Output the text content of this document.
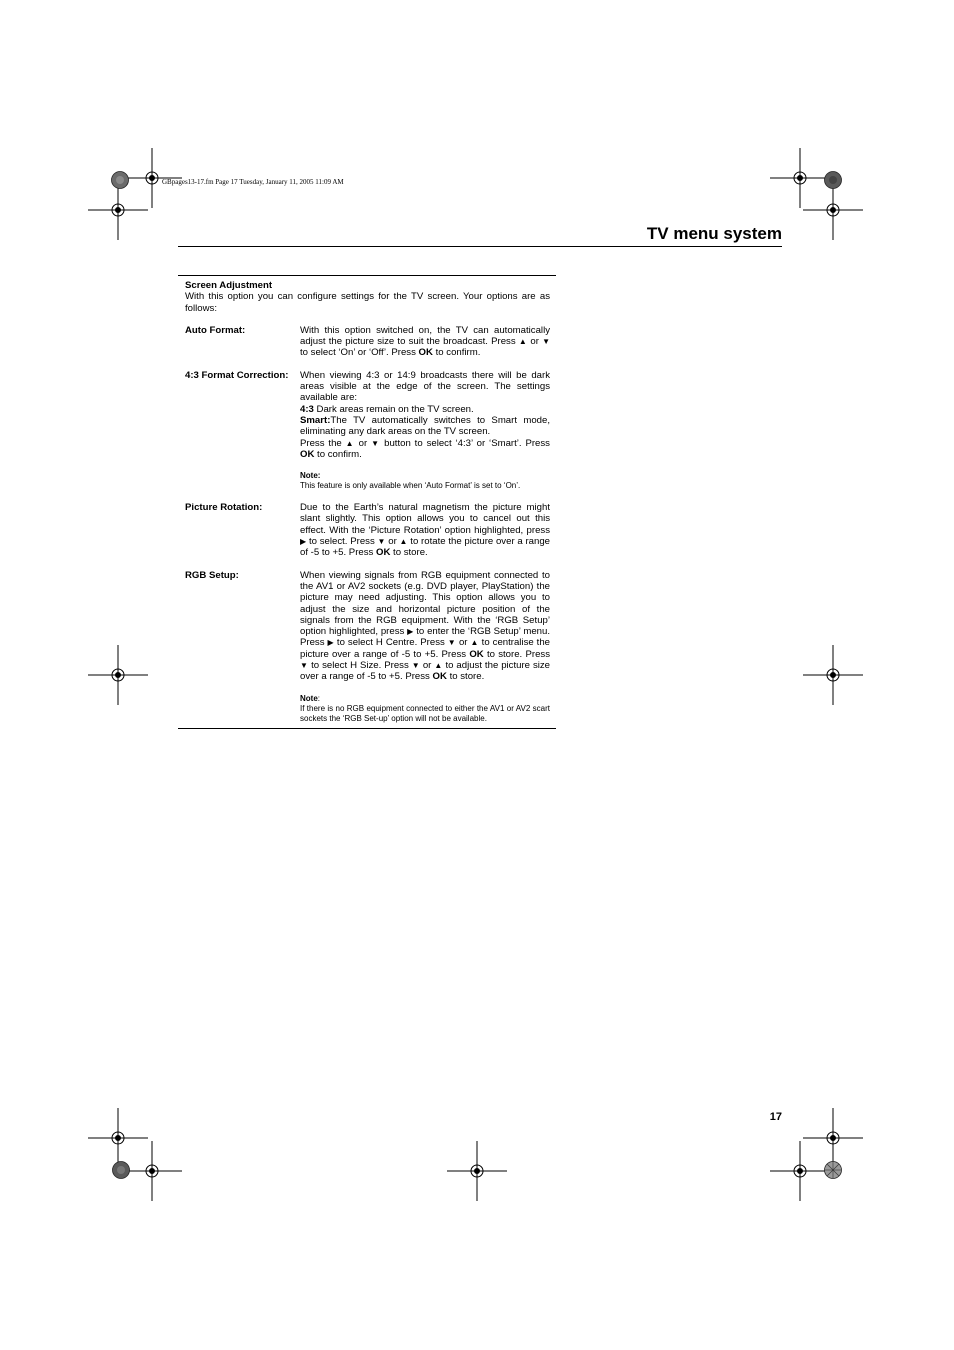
GBpages13-17.fm Page 17 Tuesday, January 11, 2005 11:09 AM
TV menu system
Screen Adjustment
With this option you can configure settings for the TV screen. Your options are as follows:
Auto Format:	With this option switched on, the TV can automatically adjust the picture size to suit the broadcast. Press ▲ or ▼ to select ‘On’ or ‘Off’. Press OK to confirm.
4:3 Format Correction:	When viewing 4:3 or 14:9 broadcasts there will be dark areas visible at the edge of the screen. The settings available are:

4:3 Dark areas remain on the TV screen.

Smart:The TV automatically switches to Smart mode, eliminating any dark areas on the TV screen.

Press the ▲ or ▼ button to select ‘4:3’ or ‘Smart’. Press OK to confirm.

Note:
This feature is only available when ‘Auto Format’ is set to ‘On’.
Picture Rotation:	Due to the Earth’s natural magnetism the picture might slant slightly. This option allows you to cancel out this effect. With the ‘Picture Rotation’ option highlighted, press ▶ to select. Press ▼ or ▲ to rotate the picture over a range of -5 to +5. Press OK to store.
RGB Setup:	When viewing signals from RGB equipment connected to the AV1 or AV2 sockets (e.g. DVD player, PlayStation) the picture may need adjusting. This option allows you to adjust the size and horizontal picture position of the signals from the RGB equipment. With the ‘RGB Setup’ option highlighted, press ▶ to enter the ‘RGB Setup’ menu. Press ▶ to select H Centre. Press ▼ or ▲ to centralise the picture over a range of -5 to +5. Press OK to store. Press ▼ to select H Size. Press ▼ or ▲ to adjust the picture size over a range of -5 to +5. Press OK to store.
Note:
If there is no RGB equipment connected to either the AV1 or AV2 scart sockets the ‘RGB Set-up’ option will not be available.
17
